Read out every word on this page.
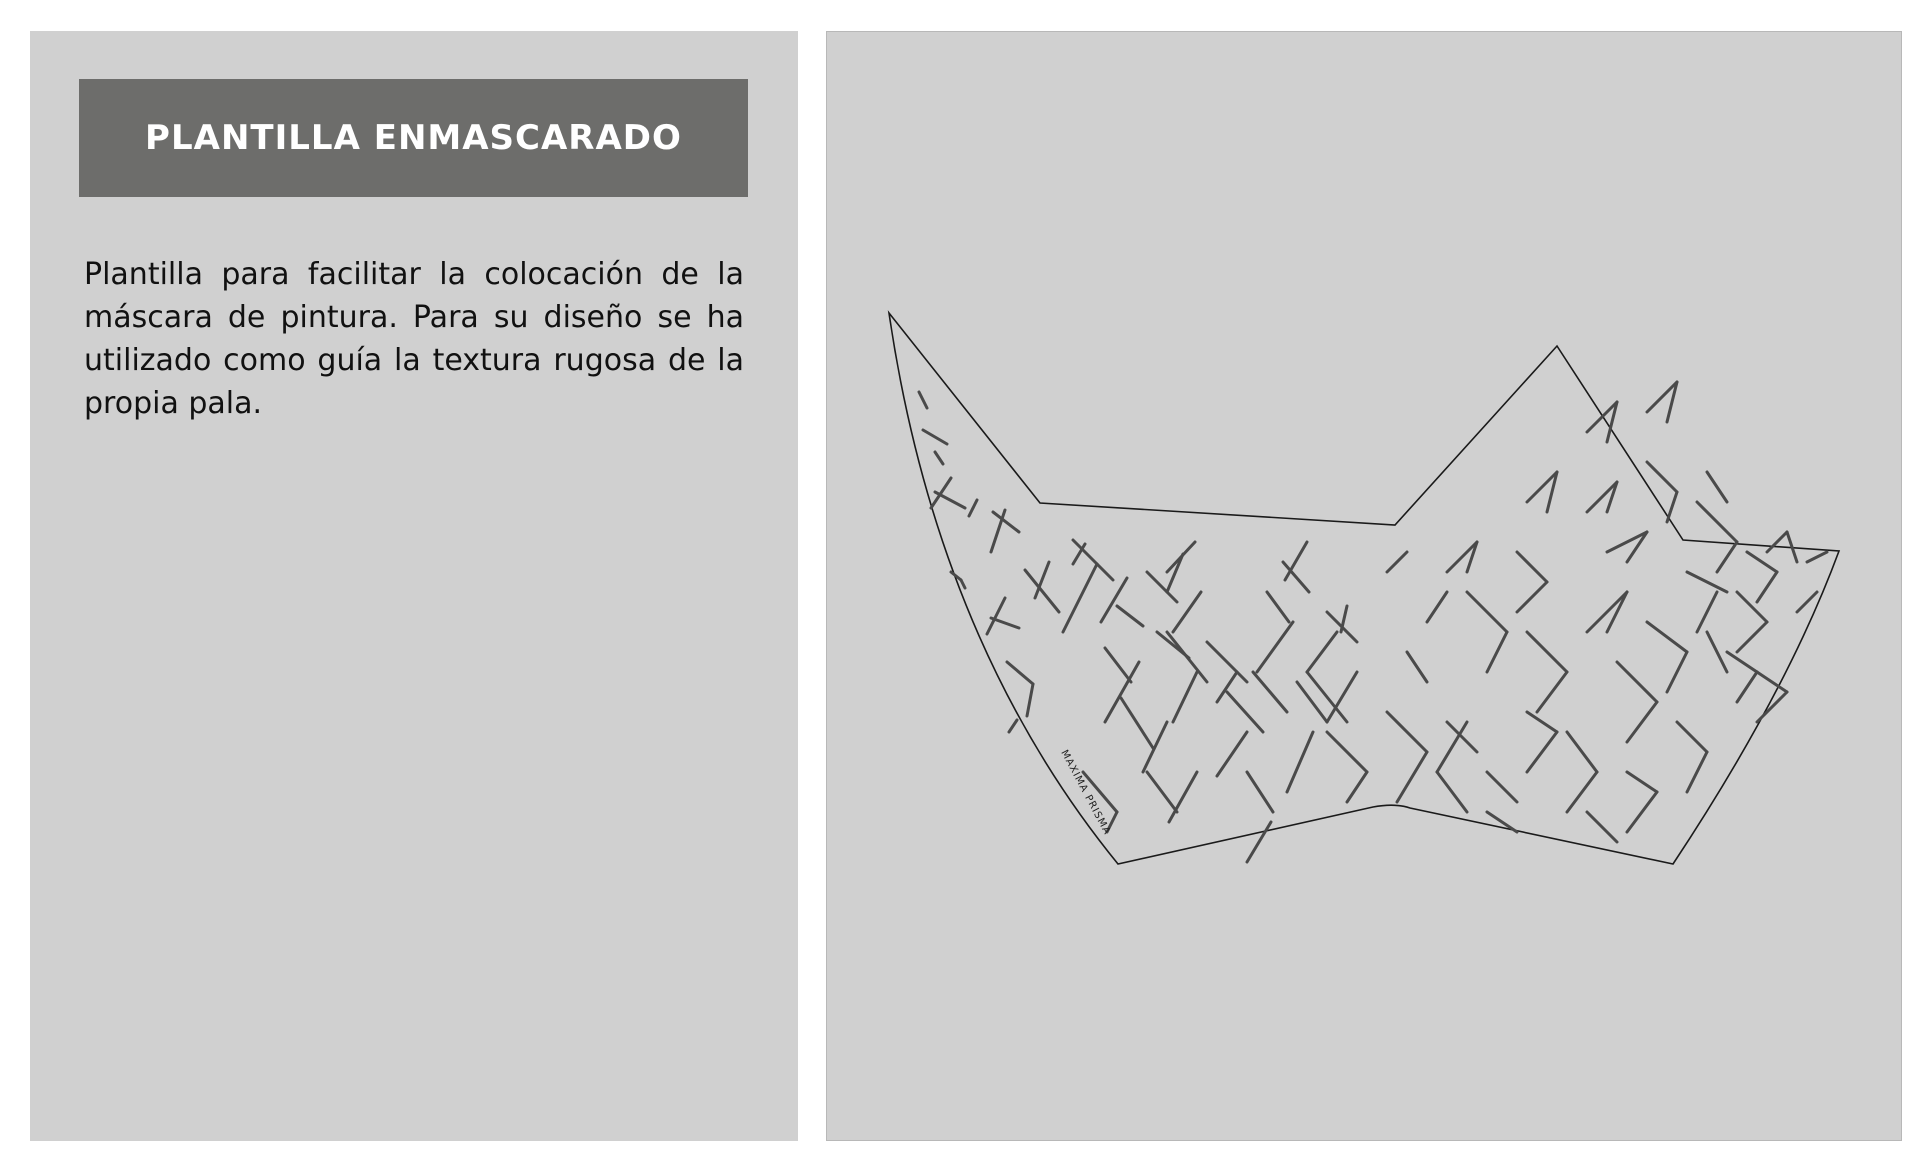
PLANTILLA ENMASCARADO

Plantilla para facilitar la colocación de la máscara de pintura. Para su diseño se ha utilizado como guía la textura rugosa de la propia pala.

MAXIMA PRISMA
